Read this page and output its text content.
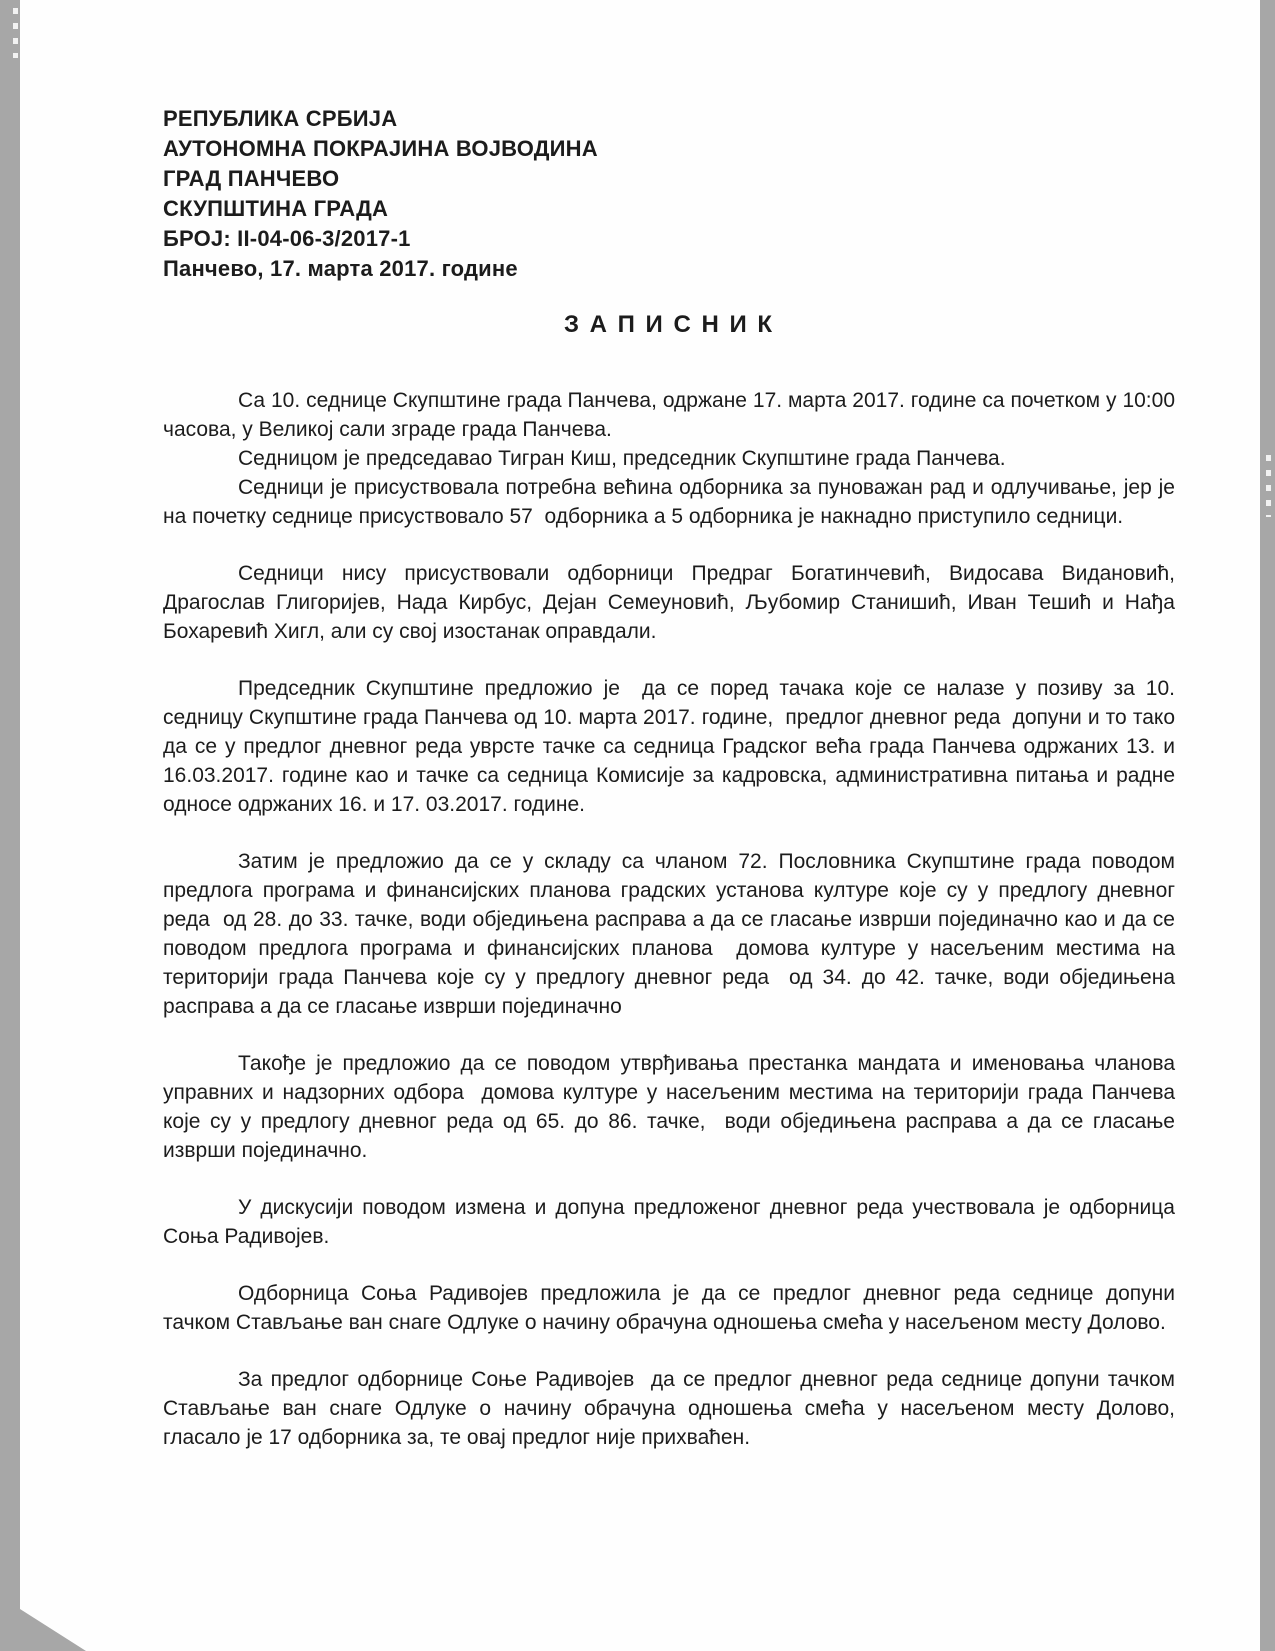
РЕПУБЛИКА СРБИЈА
АУТОНОМНА ПОКРАЈИНА ВОЈВОДИНА
ГРАД ПАНЧЕВО
СКУПШТИНА ГРАДА
БРОЈ: II-04-06-3/2017-1
Панчево, 17. марта 2017. године
З А П И С Н И К

Са 10. седнице Скупштине града Панчева, одржане 17. марта 2017. године са почетком у 10:00 часова, у Великој сали зграде града Панчева.

Седницом је председавао Тигран Киш, председник Скупштине града Панчева.

Седници је присуствовала потребна већина одборника за пуноважан рад и одлучивање, јер је на почетку седнице присуствовало 57  одборника а 5 одборника је накнадно приступило седници.

Седници нису присуствовали одборници Предраг Богатинчевић, Видосава Видановић, Драгослав Глигоријев, Нада Кирбус, Дејан Семеуновић, Љубомир Станишић, Иван Тешић и Нађа Бохаревић Хигл, али су свој изостанак оправдали.

Председник Скупштине предложио је  да се поред тачака које се налазе у позиву за 10. седницу Скупштине града Панчева од 10. марта 2017. године,  предлог дневног реда  допуни и то тако да се у предлог дневног реда уврсте тачке са седница Градског већа града Панчева одржаних 13. и 16.03.2017. године као и тачке са седница Комисије за кадровска, административна питања и радне односе одржаних 16. и 17. 03.2017. године.

Затим је предложио да се у складу са чланом 72. Пословника Скупштине града поводом предлога програма и финансијских планова градских установа културе које су у предлогу дневног реда  од 28. до 33. тачке, води обједињена расправа а да се гласање изврши појединачно као и да се  поводом предлога програма и финансијских планова  домова културе у насељеним местима на територији града Панчева које су у предлогу дневног реда  од 34. до 42. тачке, води обједињена расправа а да се гласање изврши појединачно

Такође је предложио да се поводом утврђивања престанка мандата и именовања чланова управних и надзорних одбора  домова културе у насељеним местима на територији града Панчева које су у предлогу дневног реда од 65. до 86. тачке,  води обједињена расправа а да се гласање изврши појединачно.

У дискусији поводом измена и допуна предложеног дневног реда учествовала је одборница  Соња Радивојев.

Одборница Соња Радивојев предложила је да се предлог дневног реда седнице допуни тачком Стављање ван снаге Одлуке о начину обрачуна одношења смећа у насељеном месту Долово.

За предлог одборнице Соње Радивојев  да се предлог дневног реда седнице допуни тачком Стављање ван снаге Одлуке о начину обрачуна одношења смећа у насељеном месту Долово, гласало је 17 одборника за, те овај предлог није прихваћен.
